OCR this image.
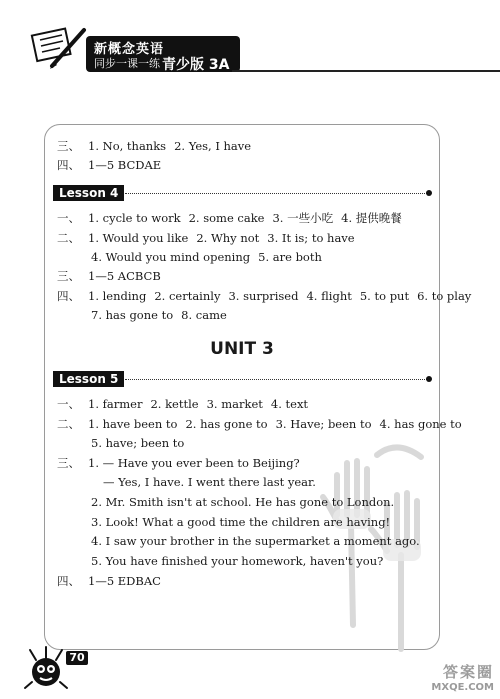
新概念英语
同步一课一练 青少版 3A
三、 1. No, thanks 2. Yes, I have
四、 1—5 BCDAE
Lesson 4
一、 1. cycle to work 2. some cake 3. 一些小吃 4. 提供晚餐
二、 1. Would you like 2. Why not 3. It is; to have
4. Would you mind opening 5. are both
三、 1—5 ACBCB
四、 1. lending 2. certainly 3. surprised 4. flight 5. to put 6. to play
7. has gone to 8. came
UNIT 3
Lesson 5
一、 1. farmer 2. kettle 3. market 4. text
二、 1. have been to 2. has gone to 3. Have; been to 4. has gone to
5. have; been to
三、 1. — Have you ever been to Beijing?
— Yes, I have. I went there last year.
2. Mr. Smith isn't at school. He has gone to London.
3. Look! What a good time the children are having!
4. I saw your brother in the supermarket a moment ago.
5. You have finished your homework, haven't you?
四、 1—5 EDBAC
70
答案圈
MXQE.COM
